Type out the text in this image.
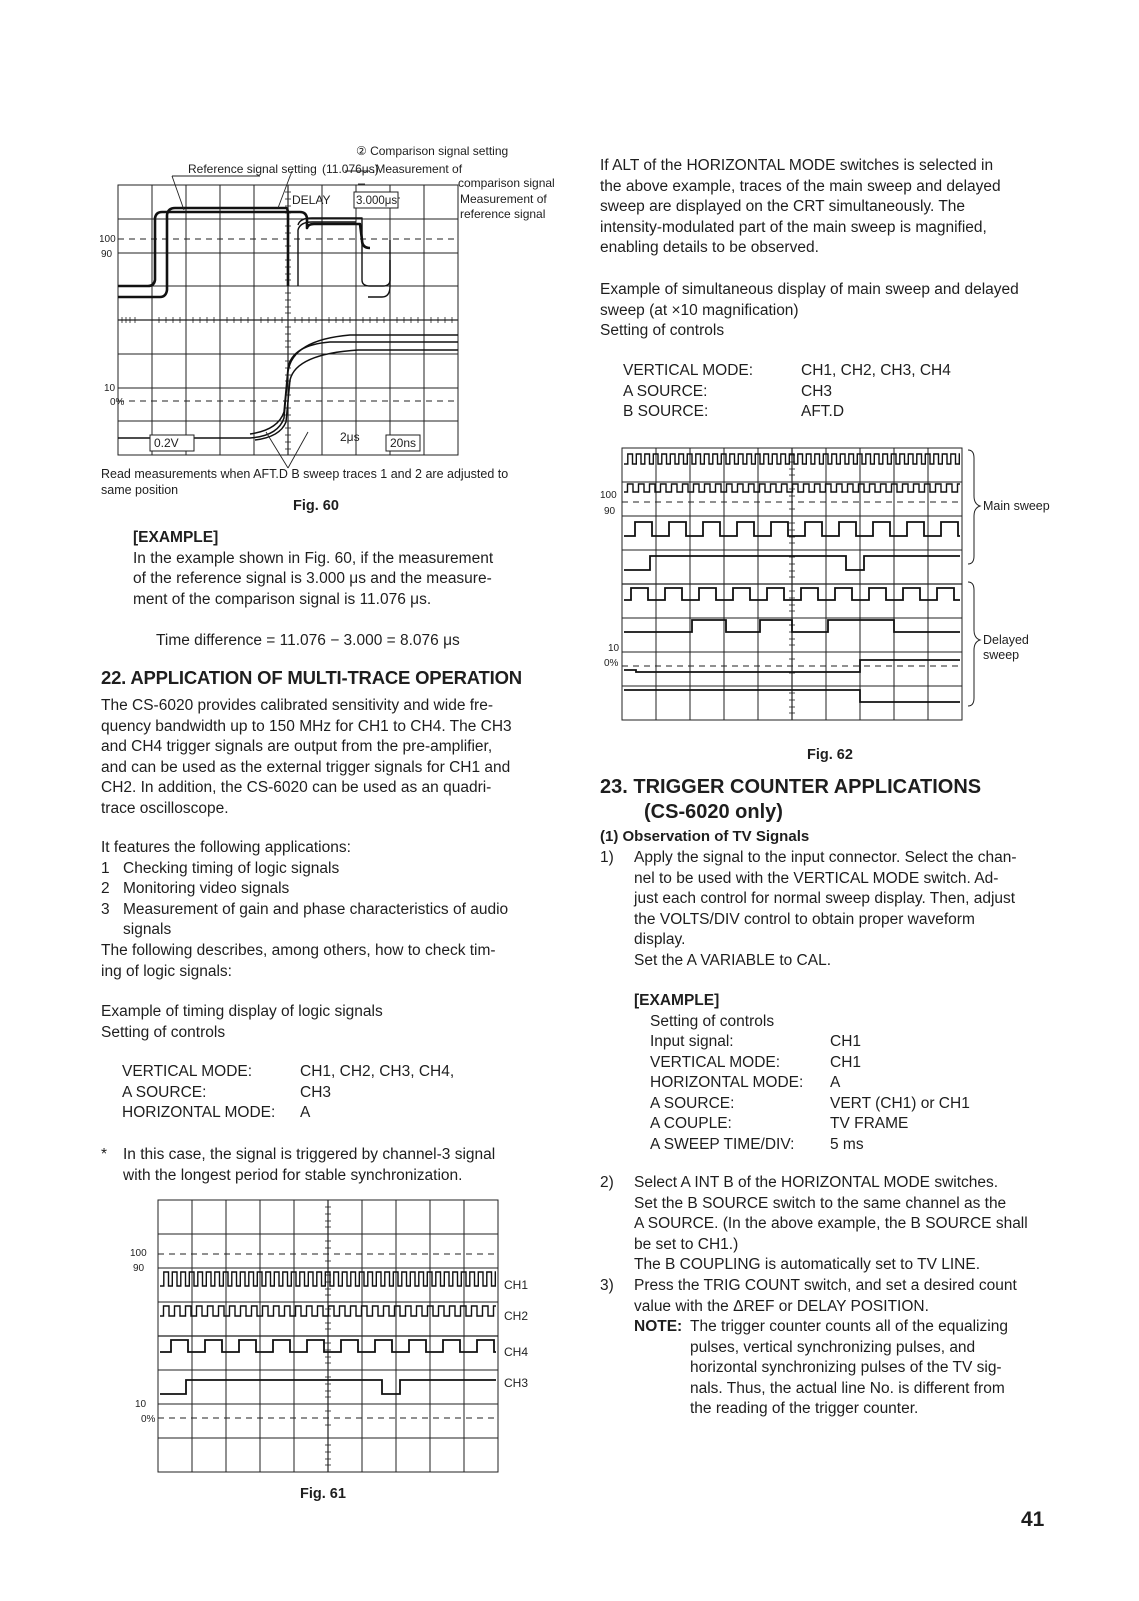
② Comparison signal setting
Reference signal setting (11.076μs)
.Measurement of
comparison signal
Measurement of
reference signal
DELAY 3.000μs
100
90
10
0%
0.2V	2μs	20ns
Read measurements when AFT.D B sweep traces 1 and 2 are adjusted to
same position
Fig. 60
[EXAMPLE]
In the example shown in Fig. 60, if the measurement
of the reference signal is 3.000 μs and the measure-
ment of the comparison signal is 11.076 μs.
Time difference = 11.076 − 3.000 = 8.076 μs
22. APPLICATION OF MULTI-TRACE OPERATION
The CS-6020 provides calibrated sensitivity and wide fre-
quency bandwidth up to 150 MHz for CH1 to CH4. The CH3
and CH4 trigger signals are output from the pre-amplifier,
and can be used as the external trigger signals for CH1 and
CH2. In addition, the CS-6020 can be used as an quadri-
trace oscilloscope.
It features the following applications:
1 Checking timing of logic signals
2 Monitoring video signals
3 Measurement of gain and phase characteristics of audio signals
The following describes, among others, how to check tim-
ing of logic signals:
Example of timing display of logic signals
Setting of controls
VERTICAL MODE:	CH1, CH2, CH3, CH4,
A SOURCE:	CH3
HORIZONTAL MODE:	A
*	In this case, the signal is triggered by channel-3 signal
with the longest period for stable synchronization.
100
90
10
0%
CH1
CH2
CH4
CH3
Fig. 61
If ALT of the HORIZONTAL MODE switches is selected in
the above example, traces of the main sweep and delayed
sweep are displayed on the CRT simultaneously. The
intensity-modulated part of the main sweep is magnified,
enabling details to be observed.
Example of simultaneous display of main sweep and delayed
sweep (at ×10 magnification)
Setting of controls
VERTICAL MODE:	CH1, CH2, CH3, CH4
A SOURCE:	CH3
B SOURCE:	AFT.D
100
90
10
0%
Main sweep
Delayed
sweep
Fig. 62
23. TRIGGER COUNTER APPLICATIONS
(CS-6020 only)
(1) Observation of TV Signals
1)	Apply the signal to the input connector. Select the chan-
nel to be used with the VERTICAL MODE switch. Ad-
just each control for normal sweep display. Then, adjust
the VOLTS/DIV control to obtain proper waveform
display.
Set the A VARIABLE to CAL.
[EXAMPLE]
Setting of controls
Input signal:	CH1
VERTICAL MODE:	CH1
HORIZONTAL MODE:	A
A SOURCE:	VERT (CH1) or CH1
A COUPLE:	TV FRAME
A SWEEP TIME/DIV:	5 ms
2)	Select A INT B of the HORIZONTAL MODE switches.
Set the B SOURCE switch to the same channel as the
A SOURCE. (In the above example, the B SOURCE shall
be set to CH1.)
The B COUPLING is automatically set to TV LINE.
3)	Press the TRIG COUNT switch, and set a desired count
value with the ΔREF or DELAY POSITION.
NOTE: The trigger counter counts all of the equalizing
pulses, vertical synchronizing pulses, and
horizontal synchronizing pulses of the TV sig-
nals. Thus, the actual line No. is different from
the reading of the trigger counter.
41
